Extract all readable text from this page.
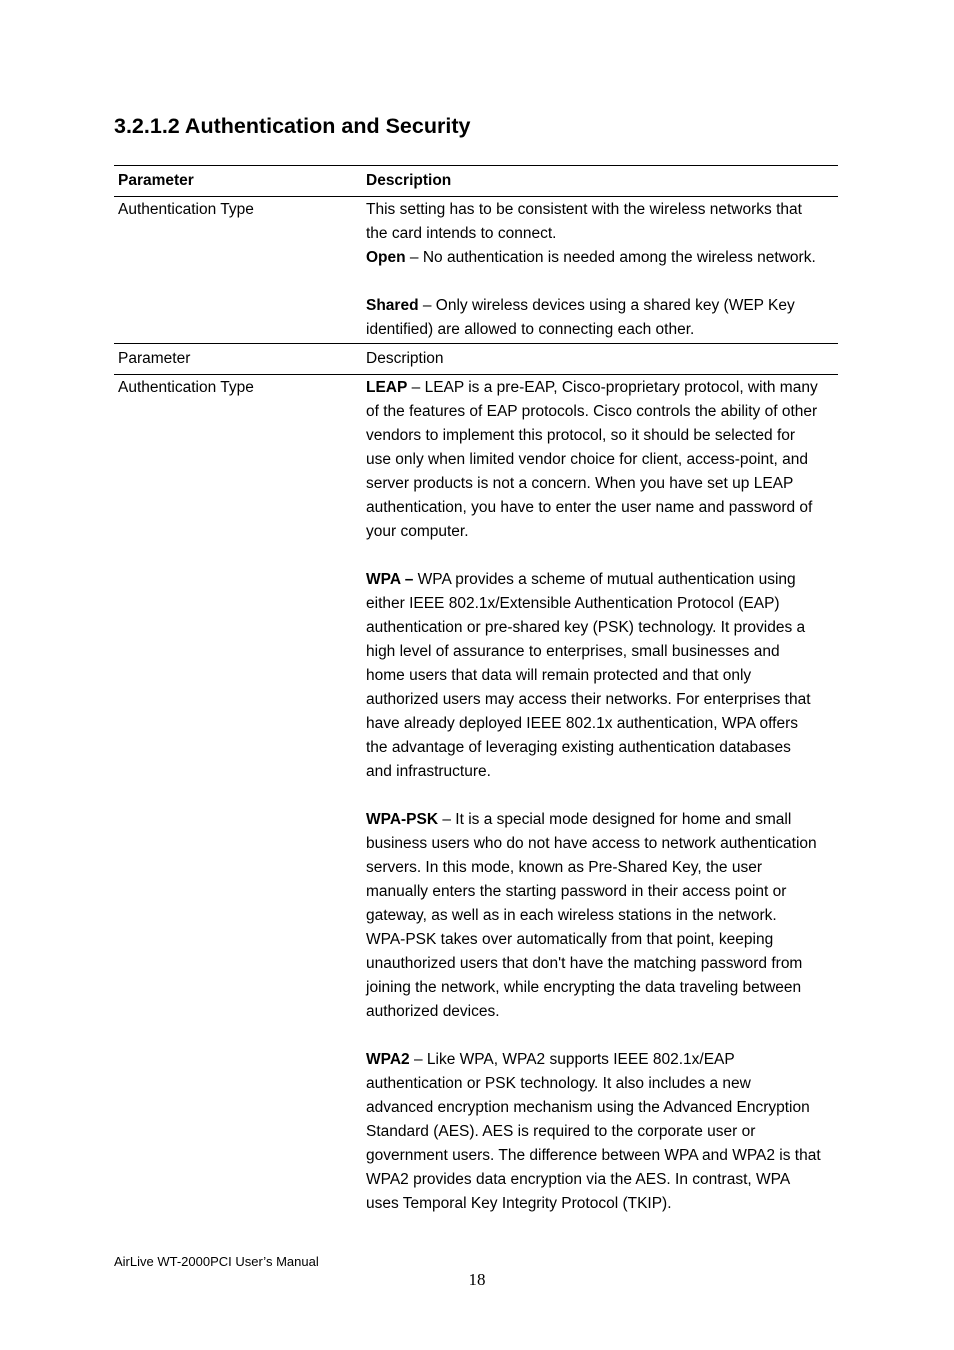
3.2.1.2 Authentication and Security
Parameter	Description
Authentication Type	This setting has to be consistent with the wireless networks that

the card intends to connect.

Open – No authentication is needed among the wireless network.

Shared – Only wireless devices using a shared key (WEP Key

identified) are allowed to connecting each other.

Parameter	Description
Authentication Type	LEAP – LEAP is a pre-EAP, Cisco-proprietary protocol, with many

of the features of EAP protocols. Cisco controls the ability of other

vendors to implement this protocol, so it should be selected for

use only when limited vendor choice for client, access-point, and

server products is not a concern. When you have set up LEAP

authentication, you have to enter the user name and password of

your computer.

WPA – WPA provides a scheme of mutual authentication using

either IEEE 802.1x/Extensible Authentication Protocol (EAP)

authentication or pre-shared key (PSK) technology. It provides a

high level of assurance to enterprises, small businesses and

home users that data will remain protected and that only

authorized users may access their networks. For enterprises that

have already deployed IEEE 802.1x authentication, WPA offers

the advantage of leveraging existing authentication databases

and infrastructure.

WPA-PSK – It is a special mode designed for home and small

business users who do not have access to network authentication

servers. In this mode, known as Pre-Shared Key, the user

manually enters the starting password in their access point or

gateway, as well as in each wireless stations in the network.

WPA-PSK takes over automatically from that point, keeping

unauthorized users that don't have the matching password from

joining the network, while encrypting the data traveling between

authorized devices.

WPA2 – Like WPA, WPA2 supports IEEE 802.1x/EAP

authentication or PSK technology. It also includes a new

advanced encryption mechanism using the Advanced Encryption

Standard (AES). AES is required to the corporate user or

government users. The difference between WPA and WPA2 is that

WPA2 provides data encryption via the AES. In contrast, WPA

uses Temporal Key Integrity Protocol (TKIP).

AirLive WT-2000PCI User’s Manual
18
